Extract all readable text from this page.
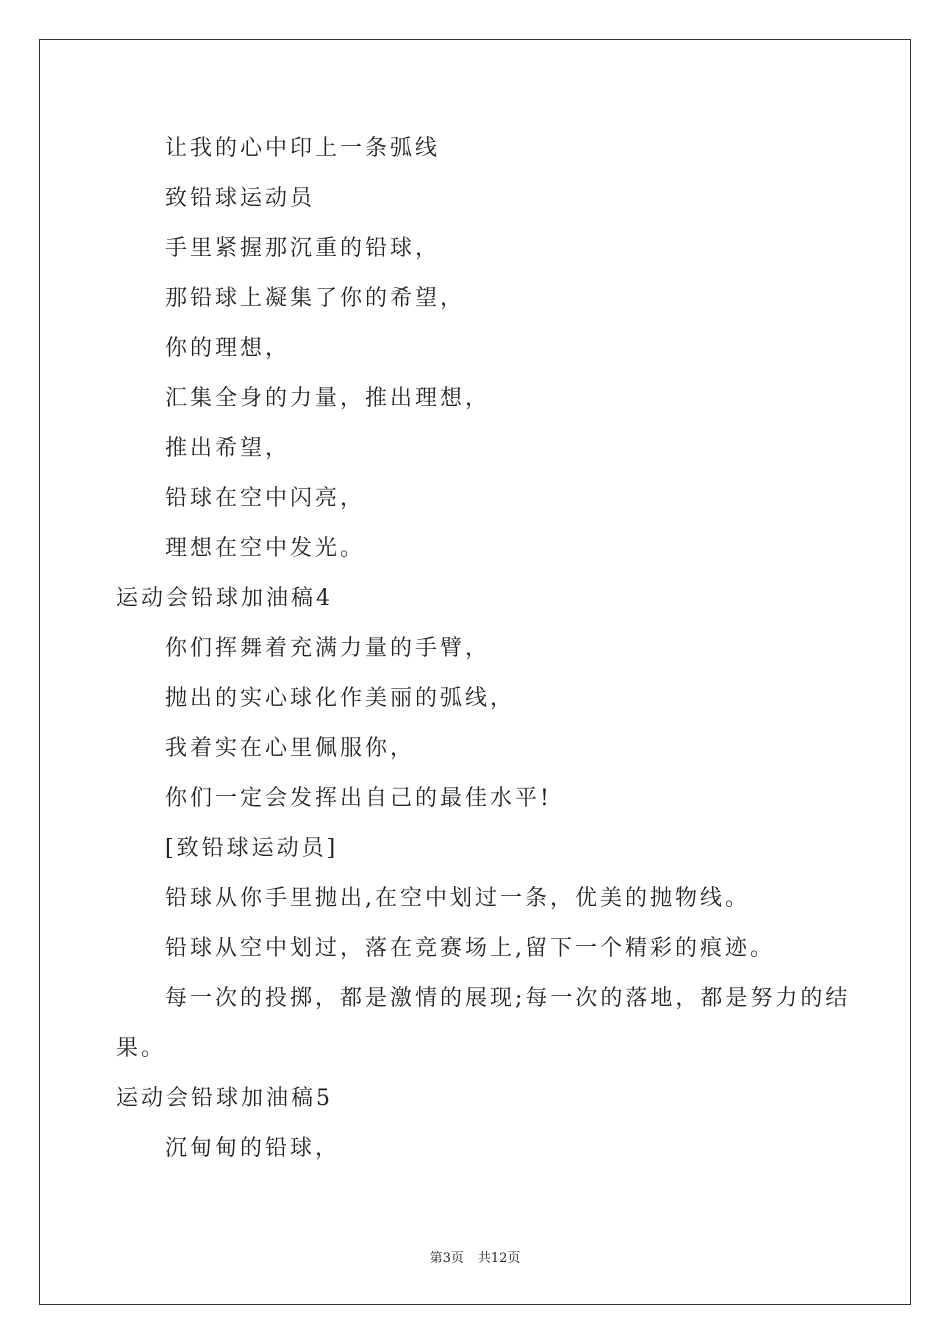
让我的心中印上一条弧线
致铅球运动员
手里紧握那沉重的铅球，
那铅球上凝集了你的希望，
你的理想，
汇集全身的力量，推出理想，
推出希望，
铅球在空中闪亮，
理想在空中发光。
运动会铅球加油稿4
你们挥舞着充满力量的手臂，
抛出的实心球化作美丽的弧线，
我着实在心里佩服你，
你们一定会发挥出自己的最佳水平!
[致铅球运动员]
铅球从你手里抛出,在空中划过一条，优美的抛物线。
铅球从空中划过，落在竞赛场上,留下一个精彩的痕迹。
每一次的投掷，都是激情的展现;每一次的落地，都是努力的结
果。
运动会铅球加油稿5
沉甸甸的铅球，
第3页 共12页
